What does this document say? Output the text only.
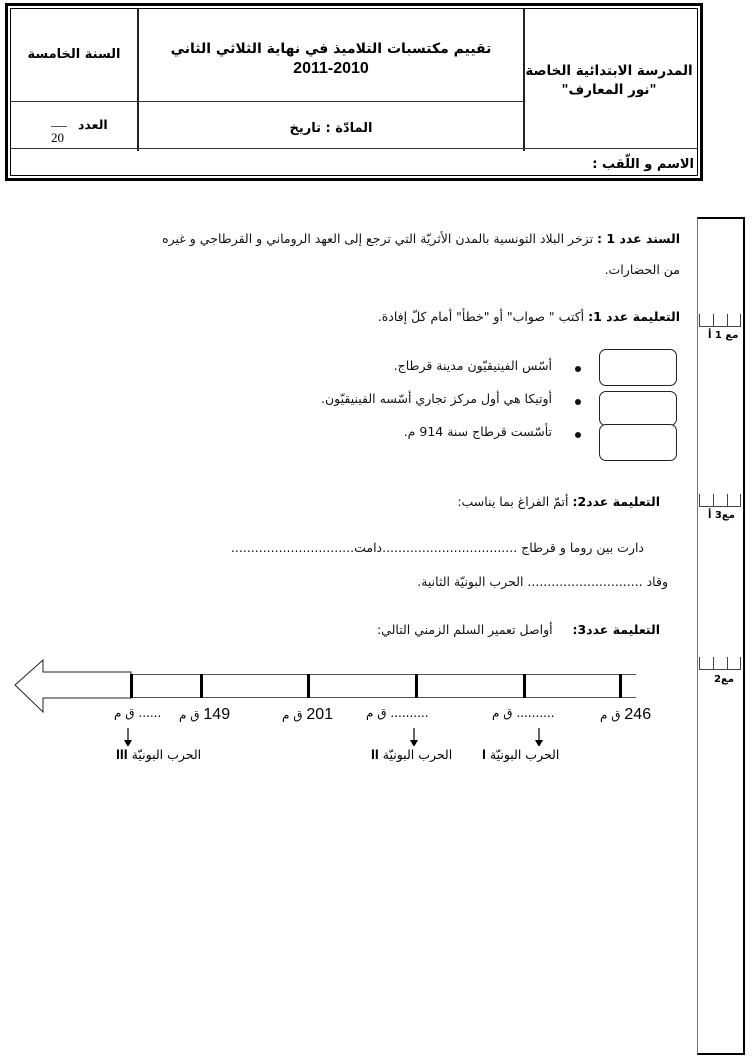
السنة الخامسة	تقييم مكتسبات التلاميذ في نهاية الثلاثي الثاني
2011-2010	المدرسة الابتدائية الخاصة
"نور المعارف"
العدد
20
المادّة : تاريخ
الاسم و اللّقب :
مع 1 أ
مع3 أ
مع2
السند عدد 1 : تزخر البلاد التونسية بالمدن الأثريّة التي ترجع إلى العهد الروماني و القرطاجي و غيره
من الحضارات.
التعليمة عدد 1: أكتب " صواب" أو "خطأ" أمام كلّ إفادة.
أسّس الفينيقيّون مدينة قرطاج.
أوتيكا هي أول مركز تجاري أسّسه الفينيقيّون.
تأسّست قرطاج سنة 914 م.
التعليمة عدد2: أتمّ الفراغ بما يناسب:
دارت بين روما و قرطاج ..................................دامت...............................
وقاد ............................. الحرب البونيّة الثانية.
التعليمة عدد3:     أواصل تعمير السلم الزمني التالي:
246 ق م
.......... ق م
.......... ق م
201 ق م
149 ق م
...... ق م
الحرب البونيّة I
الحرب البونيّة II
الحرب البونيّة III
